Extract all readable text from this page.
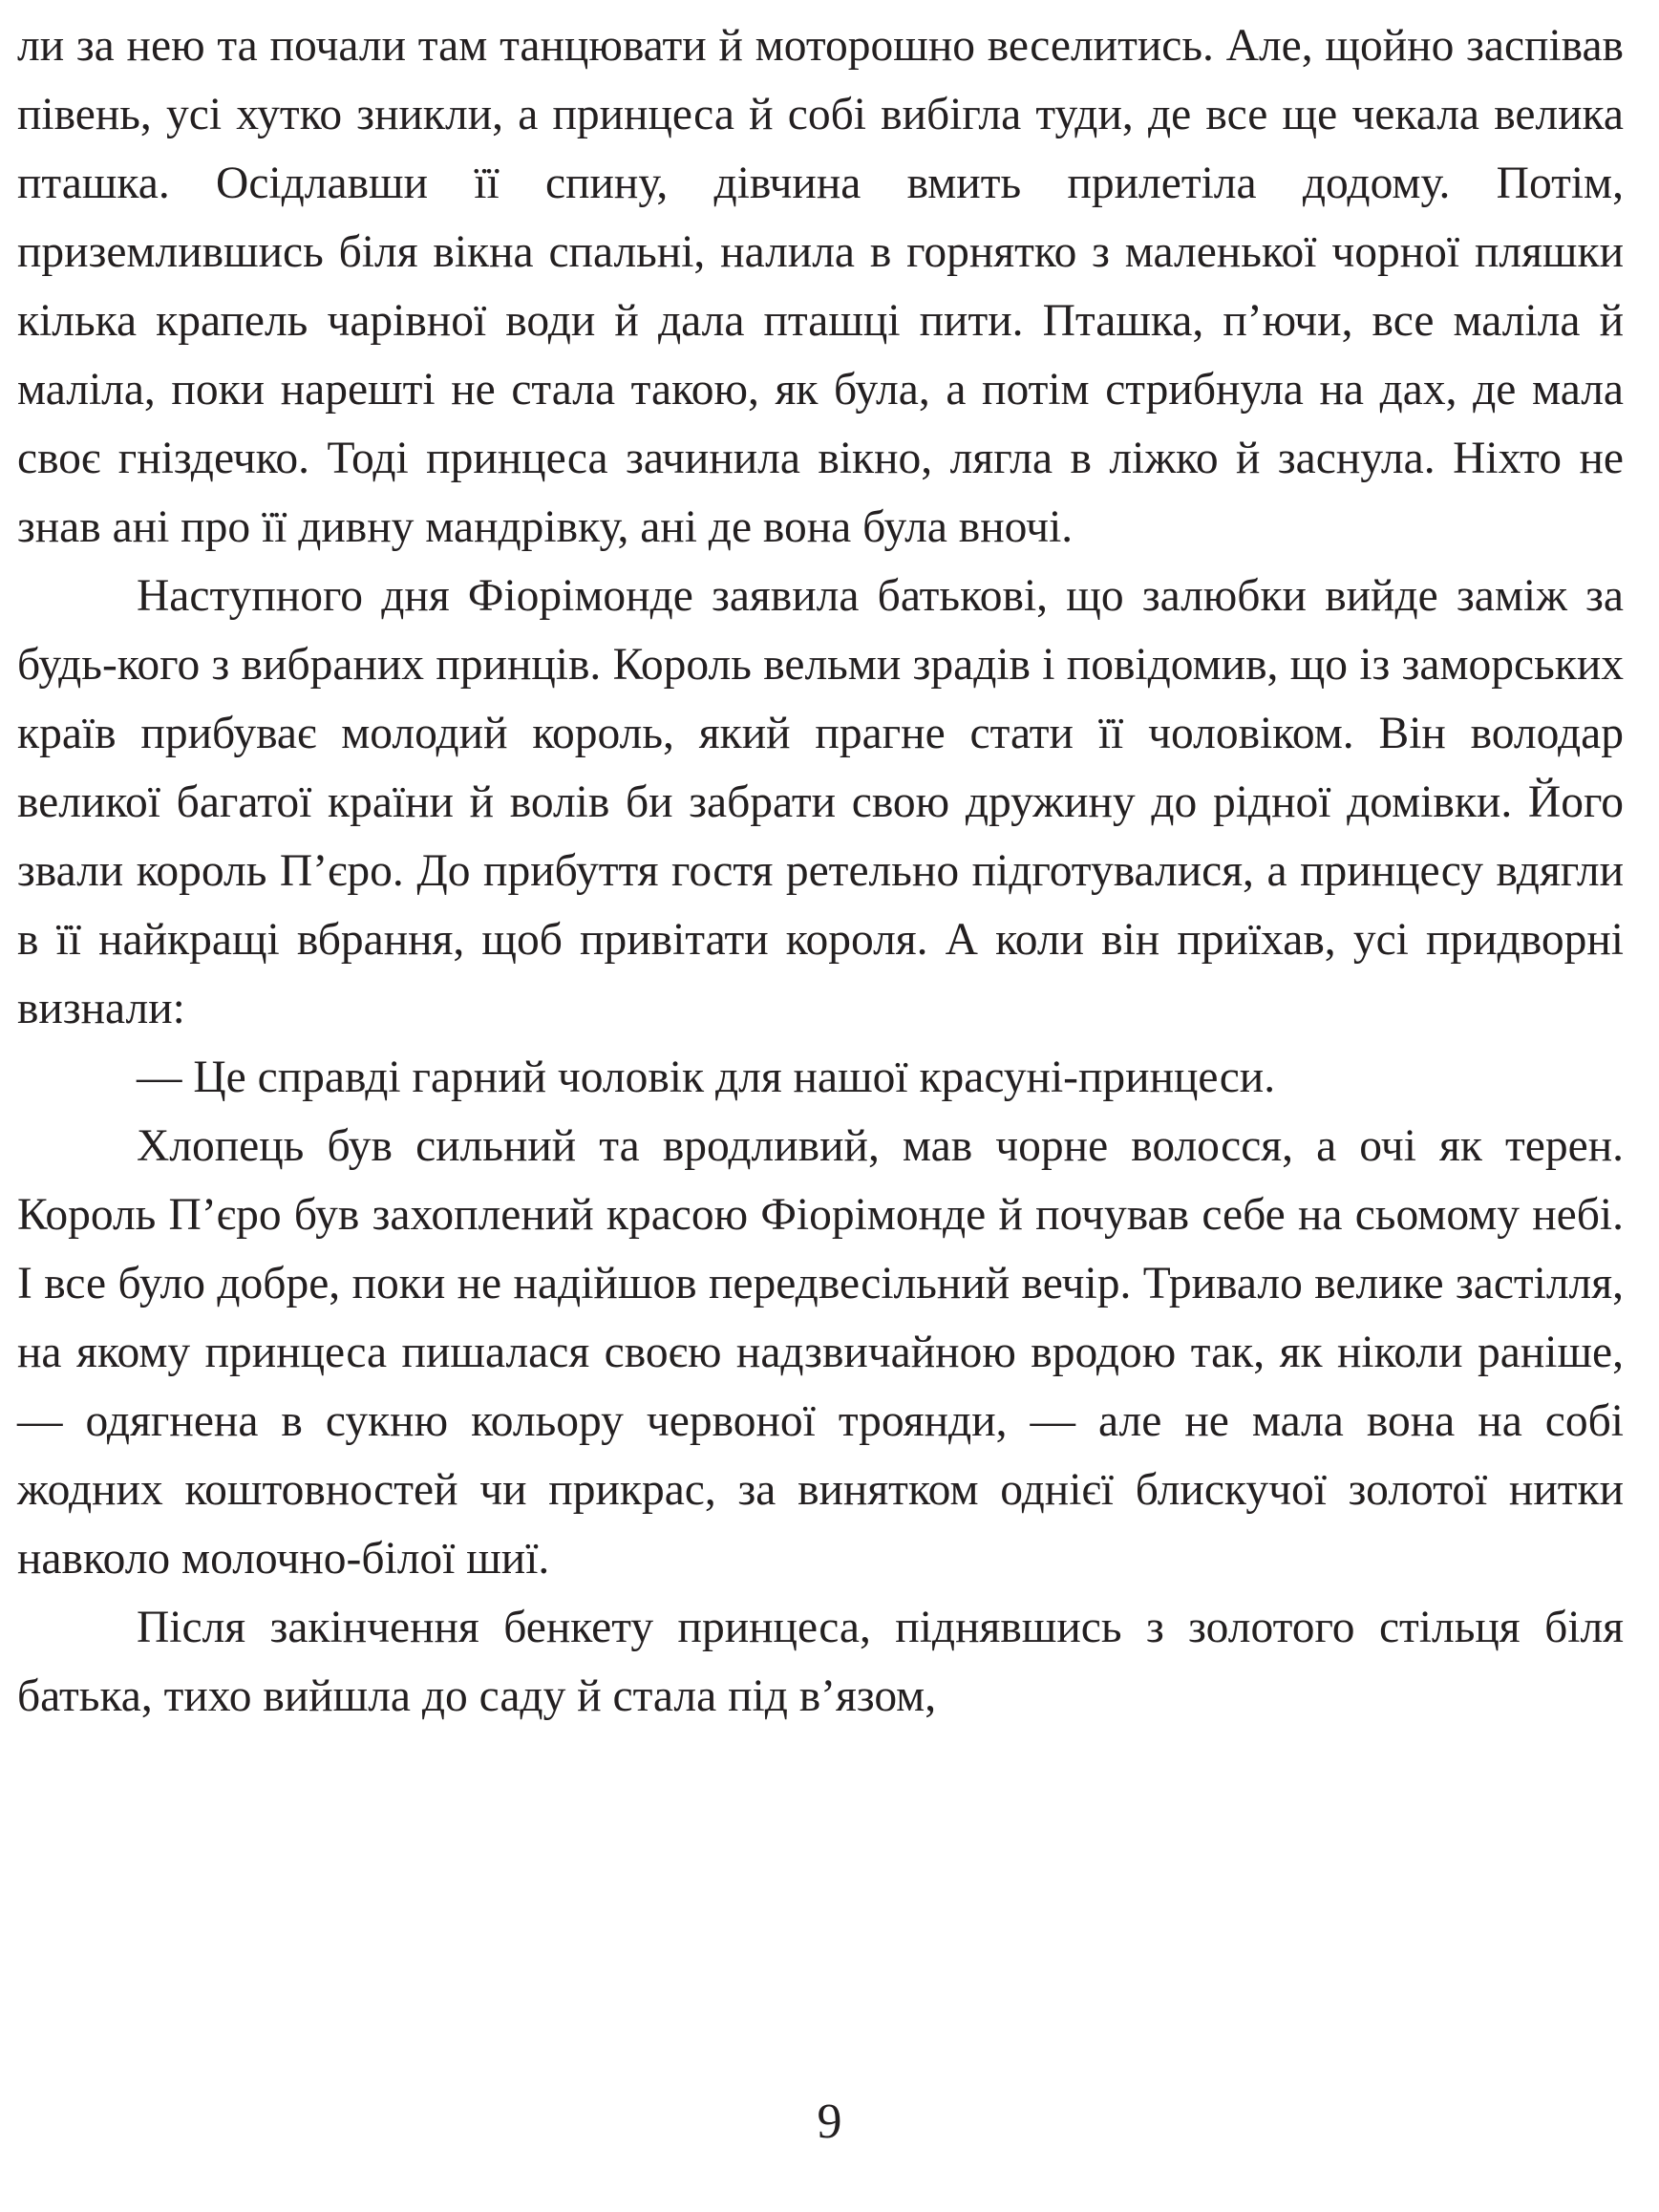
ли за нею та почали там танцювати й моторошно веселитись. Але, щойно заспівав півень, усі хутко зникли, а принцеса й собі вибігла туди, де все ще чекала велика пташка. Осідлавши її спину, дівчина вмить прилетіла додому. Потім, приземлившись біля вікна спальні, налила в горнятко з маленької чорної пляшки кілька крапель чарівної води й дала пташці пити. Пташка, п’ючи, все маліла й маліла, поки нарешті не стала такою, як була, а потім стрибнула на дах, де мала своє гніздечко. Тоді принцеса зачинила вікно, лягла в ліжко й заснула. Ніхто не знав ані про її дивну мандрівку, ані де вона була вночі.

Наступного дня Фіорімонде заявила батькові, що залюбки вийде заміж за будь-кого з вибраних принців. Король вельми зрадів і повідомив, що із заморських країв прибуває молодий король, який прагне стати її чоловіком. Він володар великої багатої країни й волів би забрати свою дружину до рідної домівки. Його звали король П’єро. До прибуття гостя ретельно підготувалися, а принцесу вдягли в її найкращі вбрання, щоб привітати короля. А коли він приїхав, усі придворні визнали:

— Це справді гарний чоловік для нашої красуні-принцеси.

Хлопець був сильний та вродливий, мав чорне волосся, а очі як терен. Король П’єро був захоплений красою Фіорімонде й почував себе на сьомому небі. І все було добре, поки не надійшов передвесільний вечір. Тривало велике застілля, на якому принцеса пишалася своєю надзвичайною вродою так, як ніколи раніше, — одягнена в сукню кольору червоної троянди, — але не мала вона на собі жодних коштовностей чи прикрас, за винятком однієї блискучої золотої нитки навколо молочно-білої шиї.

Після закінчення бенкету принцеса, піднявшись з золотого стільця біля батька, тихо вийшла до саду й стала під в’язом,

9
